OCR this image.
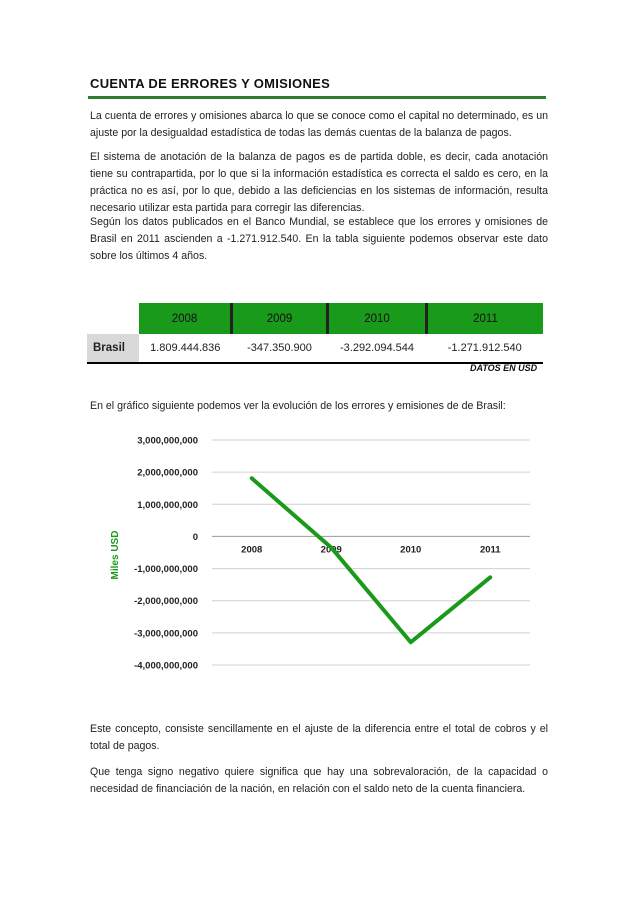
CUENTA DE ERRORES Y OMISIONES

La cuenta de errores y omisiones abarca lo que se conoce como el capital no determinado, es un ajuste por la desigualdad estadística de todas las demás cuentas de la balanza de pagos.

El sistema de anotación de la balanza de pagos es de partida doble, es decir, cada anotación tiene su contrapartida, por lo que si la información estadística es correcta el saldo es cero, en la práctica no es así, por lo que, debido a las deficiencias en los sistemas de información, resulta necesario utilizar esta partida para corregir las diferencias.

Según los datos publicados en el Banco Mundial, se establece que los errores y omisiones de Brasil en 2011 ascienden a -1.271.912.540. En la tabla siguiente podemos observar este dato sobre los últimos 4 años.

	2008	2009	2010	2011
Brasil	1.809.444.836	-347.350.900	-3.292.094.544	-1.271.912.540
DATOS EN USD

En el gráfico siguiente podemos ver la evolución de los errores y emisiones de de Brasil:

3,000,000,000
2,000,000,000
1,000,000,000
0
-1,000,000,000
-2,000,000,000
-3,000,000,000
-4,000,000,000
2008	2009	2010	2011
Miles USD

Este concepto, consiste sencillamente en el ajuste de la diferencia entre el total de cobros y el total de pagos.

Que tenga signo negativo quiere significa que hay una sobrevaloración, de la capacidad o necesidad de financiación de la nación, en relación con el saldo neto de la cuenta financiera.
